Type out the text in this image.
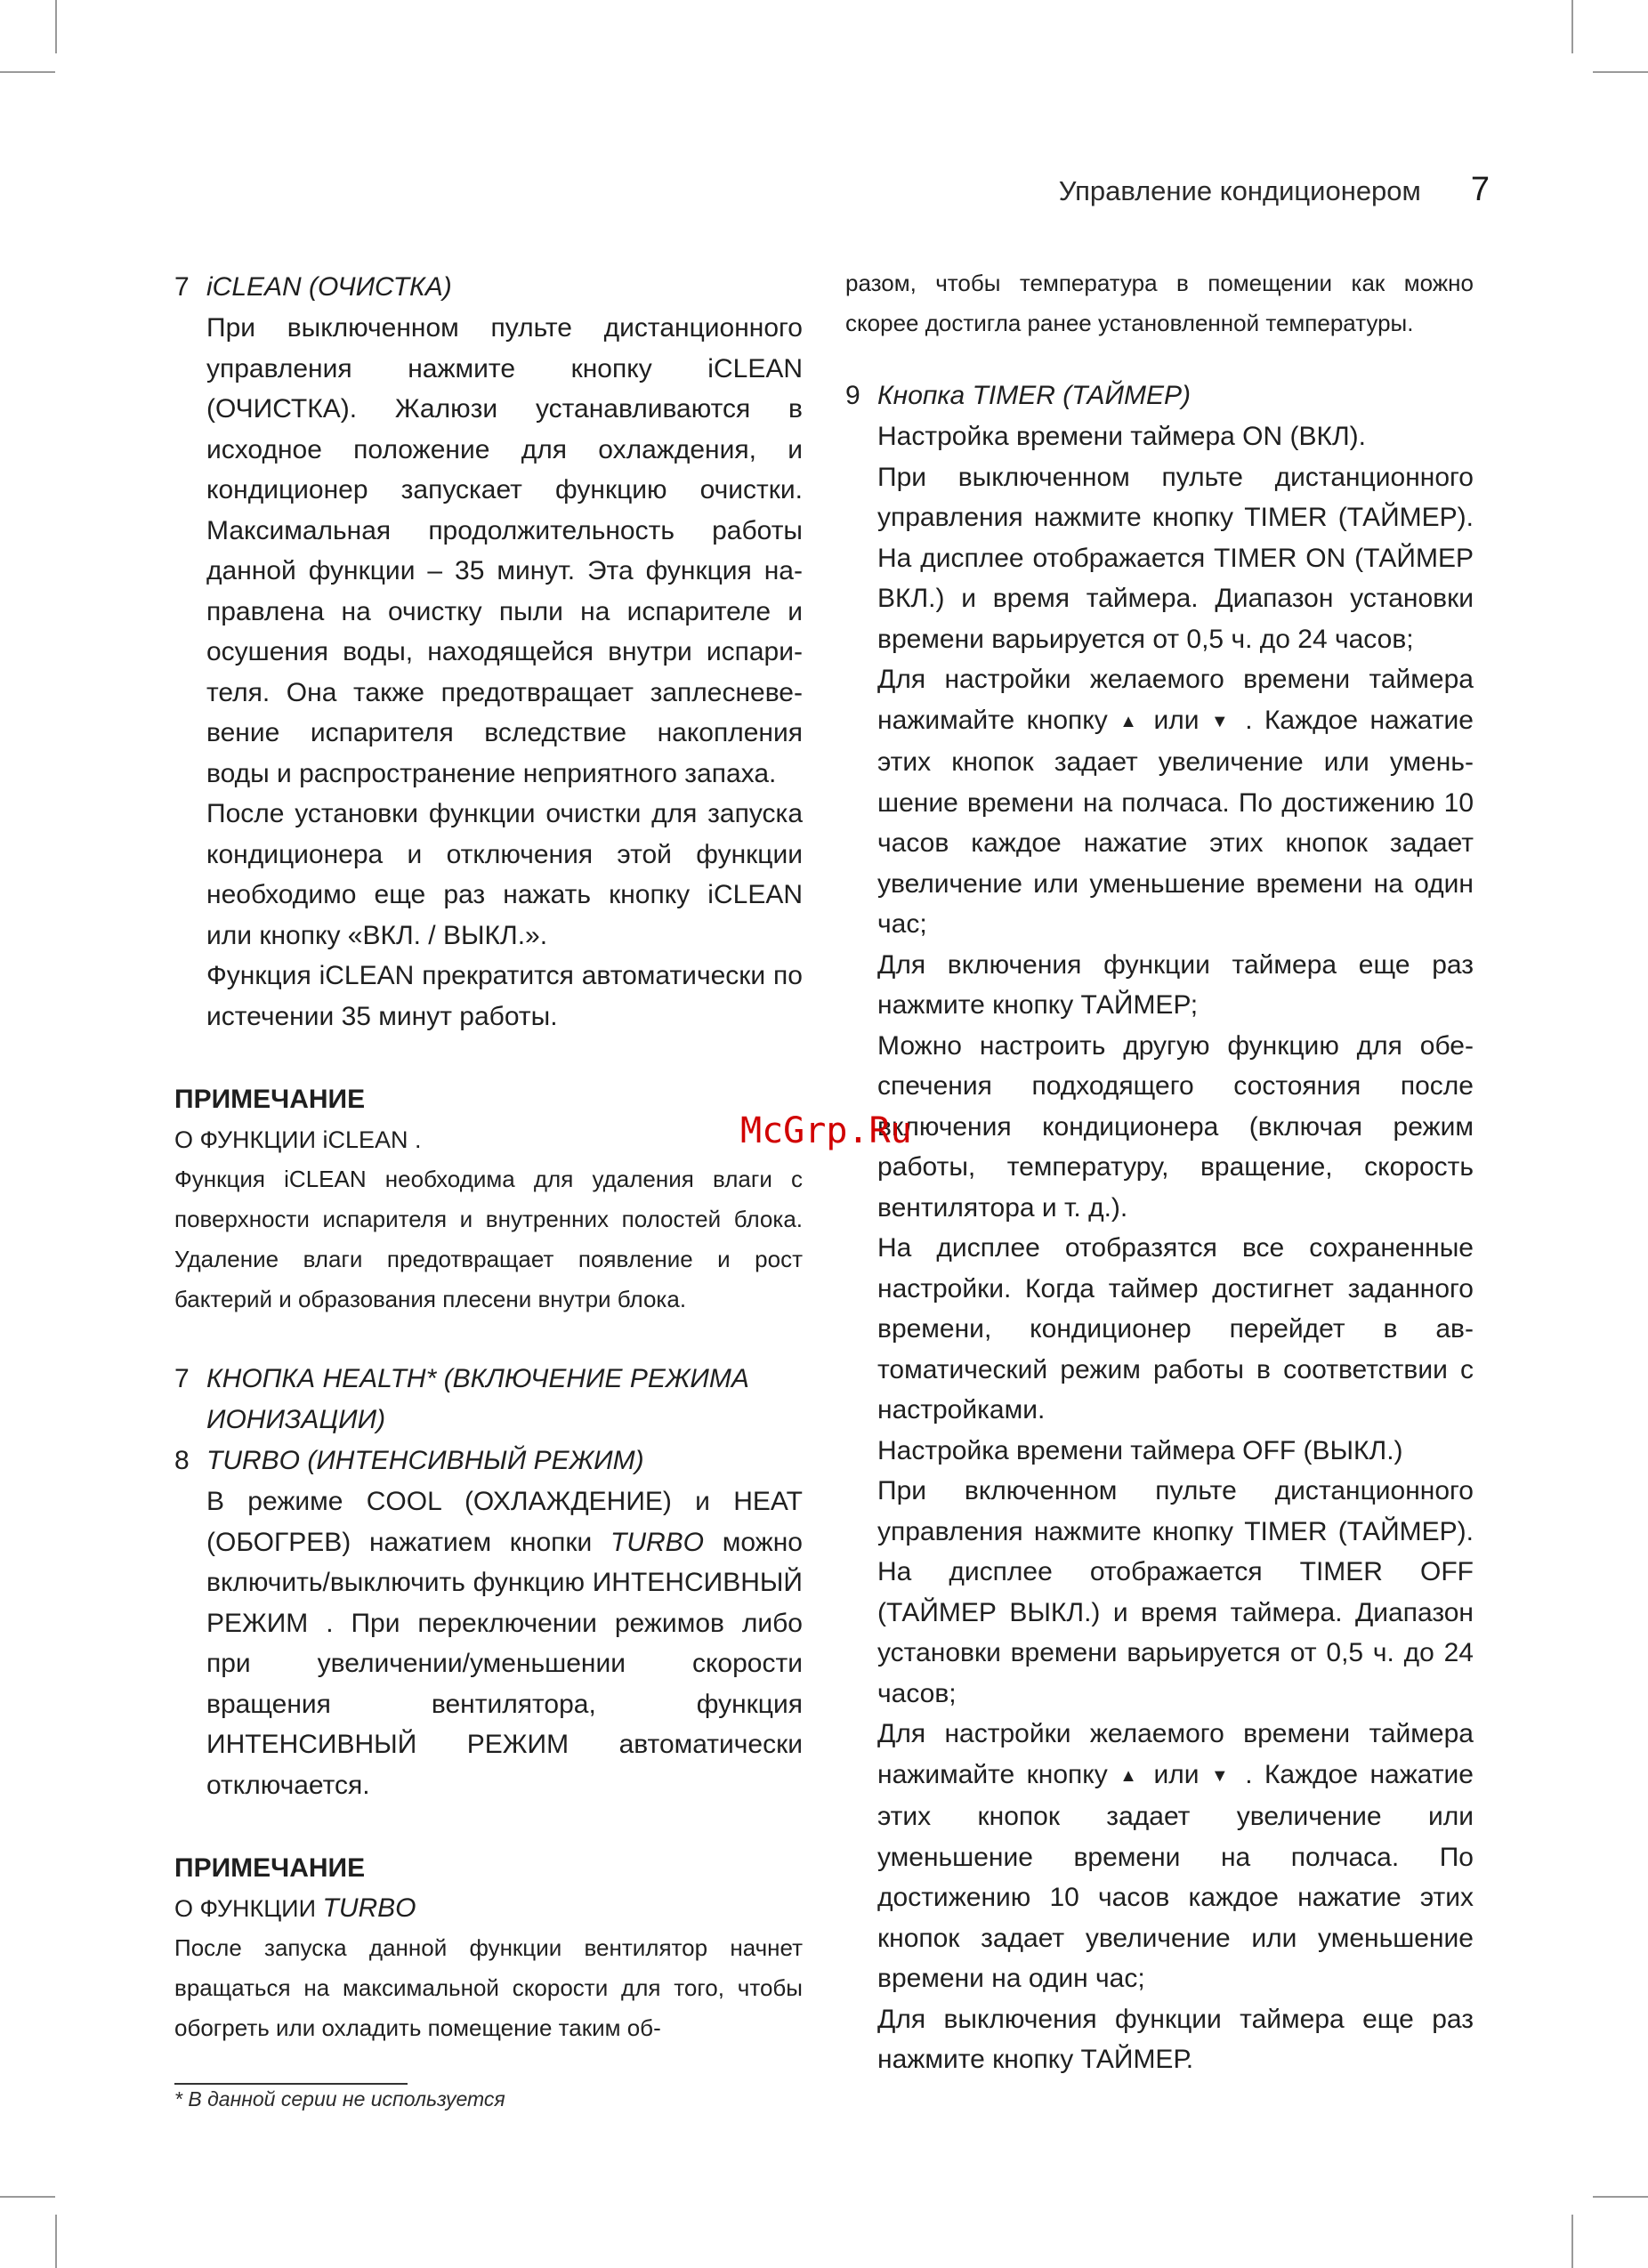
Управление кондиционером 7
7 iCLEAN (ОЧИСТКА)

При выключенном пульте дистанционного управления нажмите кнопку iCLEAN (ОЧИСТКА). Жалюзи устанавливаются в исходное положение для охлаждения, и кондиционер запускает функцию очистки. Максимальная продолжительность работы данной функции – 35 минут. Эта функция направлена на очистку пыли на испарителе и осушения воды, находящейся внутри испарителя. Она также предотвращает заплесневевение испарителя вследствие накопления воды и распространение неприятного запаха.

После установки функции очистки для запуска кондиционера и отключения этой функции необходимо еще раз нажать кнопку iCLEAN или кнопку «ВКЛ. / ВЫКЛ.».

Функция iCLEAN прекратится автоматически по истечении 35 минут работы.

ПРИМЕЧАНИЕ

О ФУНКЦИИ iCLEAN .

Функция iCLEAN необходима для удаления влаги с поверхности испарителя и внутренних полостей блока. Удаление влаги предотвращает появление и рост бактерий и образования плесени внутри блока.

7 КНОПКА HEALTH* (ВКЛЮЧЕНИЕ РЕЖИМА ИОНИЗАЦИИ)
8 TURBO (ИНТЕНСИВНЫЙ РЕЖИМ)

В режиме COOL (ОХЛАЖДЕНИЕ) и HEAT (ОБОГРЕВ) нажатием кнопки TURBO можно включить/выключить функцию ИНТЕНСИВНЫЙ РЕЖИМ . При переключении режимов либо при увеличении/уменьшении скорости вращения вентилятора, функция ИНТЕНСИВНЫЙ РЕЖИМ автоматически отключается.

ПРИМЕЧАНИЕ

О ФУНКЦИИ TURBO

После запуска данной функции вентилятор начнет вращаться на максимальной скорости для того, чтобы обогреть или охладить помещение таким об-

разом, чтобы температура в помещении как можно скорее достигла ранее установленной температуры.

9 Кнопка TIMER (ТАЙМЕР)

Настройка времени таймера ON (ВКЛ).

При выключенном пульте дистанционного управления нажмите кнопку TIMER (ТАЙМЕР). На дисплее отображается TIMER ON (ТАЙМЕР ВКЛ.) и время таймера. Диапазон установки времени варьируется от 0,5 ч. до 24 часов;

Для настройки желаемого времени таймера нажимайте кнопку ▲ или ▼ . Каждое нажатие этих кнопок задает увеличение или уменьшение времени на полчаса. По достижению 10 часов каждое нажатие этих кнопок задает увеличение или уменьшение времени на один час;

Для включения функции таймера еще раз нажмите кнопку ТАЙМЕР;

Можно настроить другую функцию для обеспечения подходящего состояния после включения кондиционера (включая режим работы, температуру, вращение, скорость вентилятора и т. д.).

На дисплее отобразятся все сохраненные настройки. Когда таймер достигнет заданного времени, кондиционер перейдет в автоматический режим работы в соответствии с настройками.

Настройка времени таймера OFF (ВЫКЛ.)

При включенном пульте дистанционного управления нажмите кнопку TIMER (ТАЙМЕР). На дисплее отображается TIMER OFF (ТАЙМЕР ВЫКЛ.) и время таймера. Диапазон установки времени варьируется от 0,5 ч. до 24 часов;

Для настройки желаемого времени таймера нажимайте кнопку ▲ или ▼ . Каждое нажатие этих кнопок задает увеличение или уменьшение времени на полчаса. По достижению 10 часов каждое нажатие этих кнопок задает увеличение или уменьшение времени на один час;

Для выключения функции таймера еще раз нажмите кнопку ТАЙМЕР.

* В данной серии не используется
McGrp.Ru
